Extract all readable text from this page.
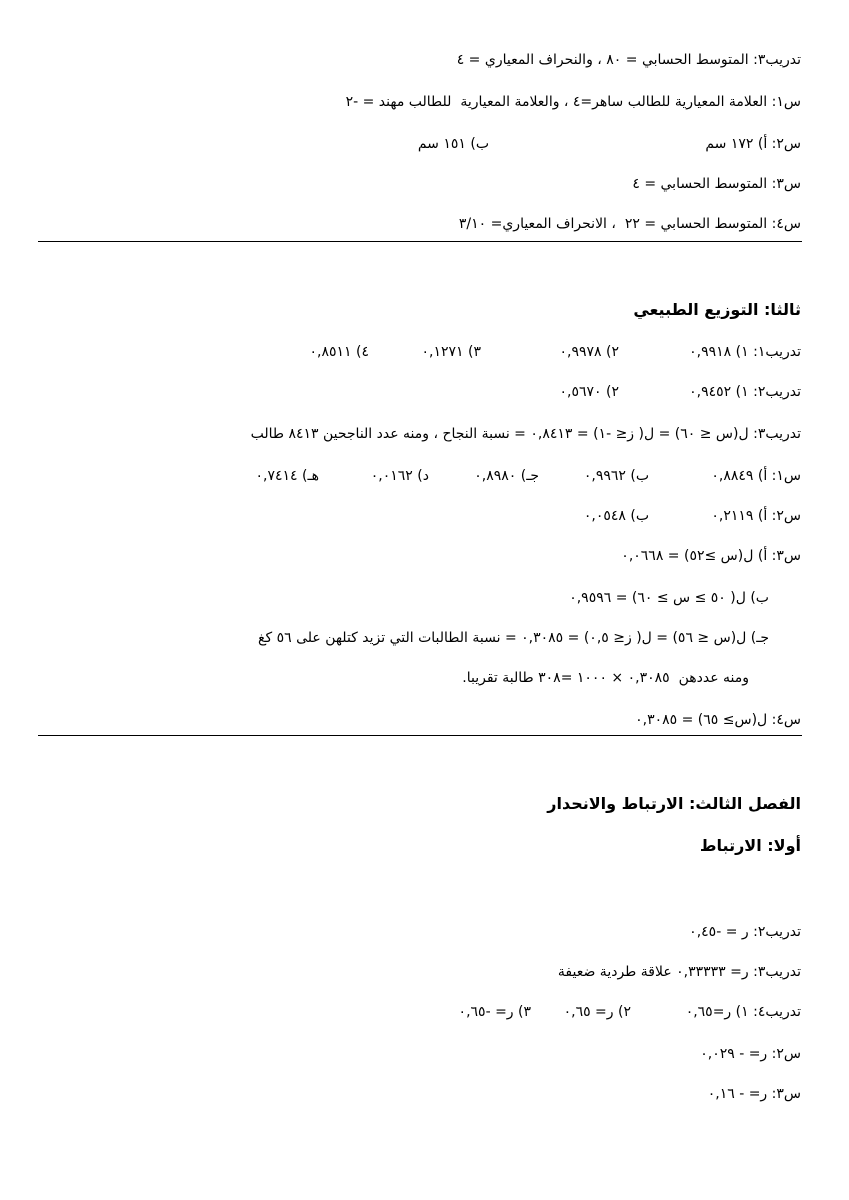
تدريب٣: المتوسط الحسابي = ٨٠ ، والنحراف المعياري = ٤
س١: العلامة المعيارية للطالب ساهر=٤ ، والعلامة المعيارية  للطالب مهند = -٢
س٢: أ) ١٧٢ سم
ب) ١٥١ سم
س٣: المتوسط الحسابي = ٤
س٤: المتوسط الحسابي = ٢٢  ، الانحراف المعياري= ٣/١٠
ثالثا: التوزيع الطبيعي
تدريب١: ١) ٠,٩٩١٨
٢) ٠,٩٩٧٨
٣) ٠,١٢٧١
٤) ٠,٨٥١١
تدريب٢: ١) ٠,٩٤٥٢
٢) ٠,٥٦٧٠
تدريب٣: ل(س ≤ ٦٠) = ل( ز≤ -١) = ٠,٨٤١٣ = نسبة النجاح ، ومنه عدد الناجحين ٨٤١٣ طالب
س١: أ) ٠,٨٨٤٩
ب) ٠,٩٩٦٢
جـ) ٠,٨٩٨٠
د) ٠,٠١٦٢
هـ) ٠,٧٤١٤
س٢: أ) ٠,٢١١٩
ب) ٠,٠٥٤٨
س٣: أ) ل(س ≥٥٢) = ٠,٠٦٦٨
ب) ل( ٥٠ ≥ س ≥ ٦٠) = ٠,٩٥٩٦
جـ) ل(س ≤ ٥٦) = ل( ز≤ ٠,٥) = ٠,٣٠٨٥ = نسبة الطالبات التي تزيد كتلهن على ٥٦ كغ
ومنه عددهن  ٠,٣٠٨٥ × ١٠٠٠ =٣٠٨ طالبة تقريبا.
س٤: ل(س≥ ٦٥) = ٠,٣٠٨٥
الفصل الثالث: الارتباط والانحدار
أولا: الارتباط
تدريب٢: ر = -٠,٤٥
تدريب٣: ر= ٠,٣٣٣٣٣ علاقة طردية ضعيفة
تدريب٤: ١) ر=٠,٦٥
٢) ر= ٠,٦٥
٣) ر= -٠,٦٥
س٢: ر= - ٠,٠٢٩
س٣: ر= - ٠,١٦
